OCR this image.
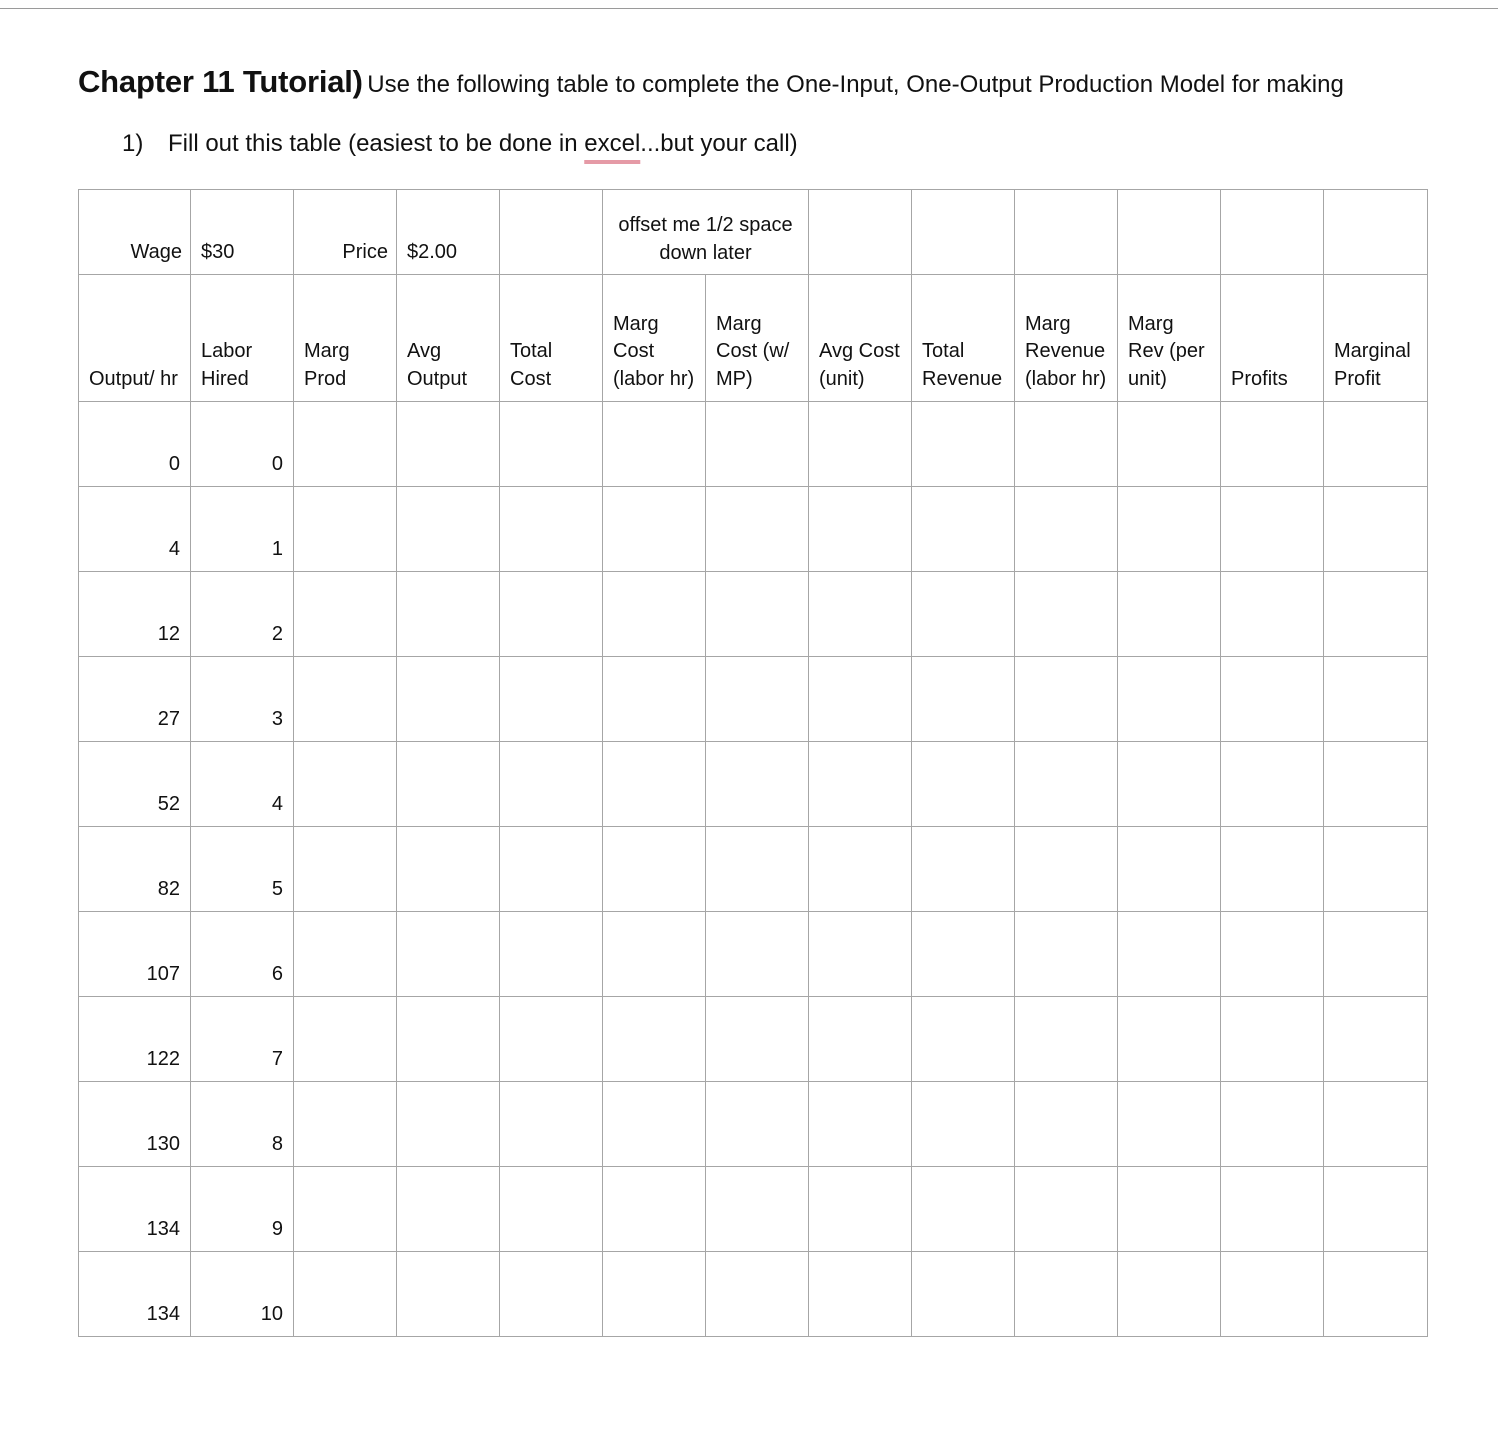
Chapter 11 Tutorial) Use the following table to complete the One-Input, One-Output Production Model for making
1) Fill out this table (easiest to be done in excel...but your call)
Wage	$30	Price	$2.00		offset me 1/2 space down later							
Output/ hr	Labor Hired	Marg Prod	Avg Output	Total Cost	Marg Cost (labor hr)	Marg Cost (w/ MP)	Avg Cost (unit)	Total Revenue	Marg Revenue (labor hr)	Marg Rev (per unit)	Profits	Marginal Profit
0	0											
4	1											
12	2											
27	3											
52	4											
82	5											
107	6											
122	7											
130	8											
134	9											
134	10											
